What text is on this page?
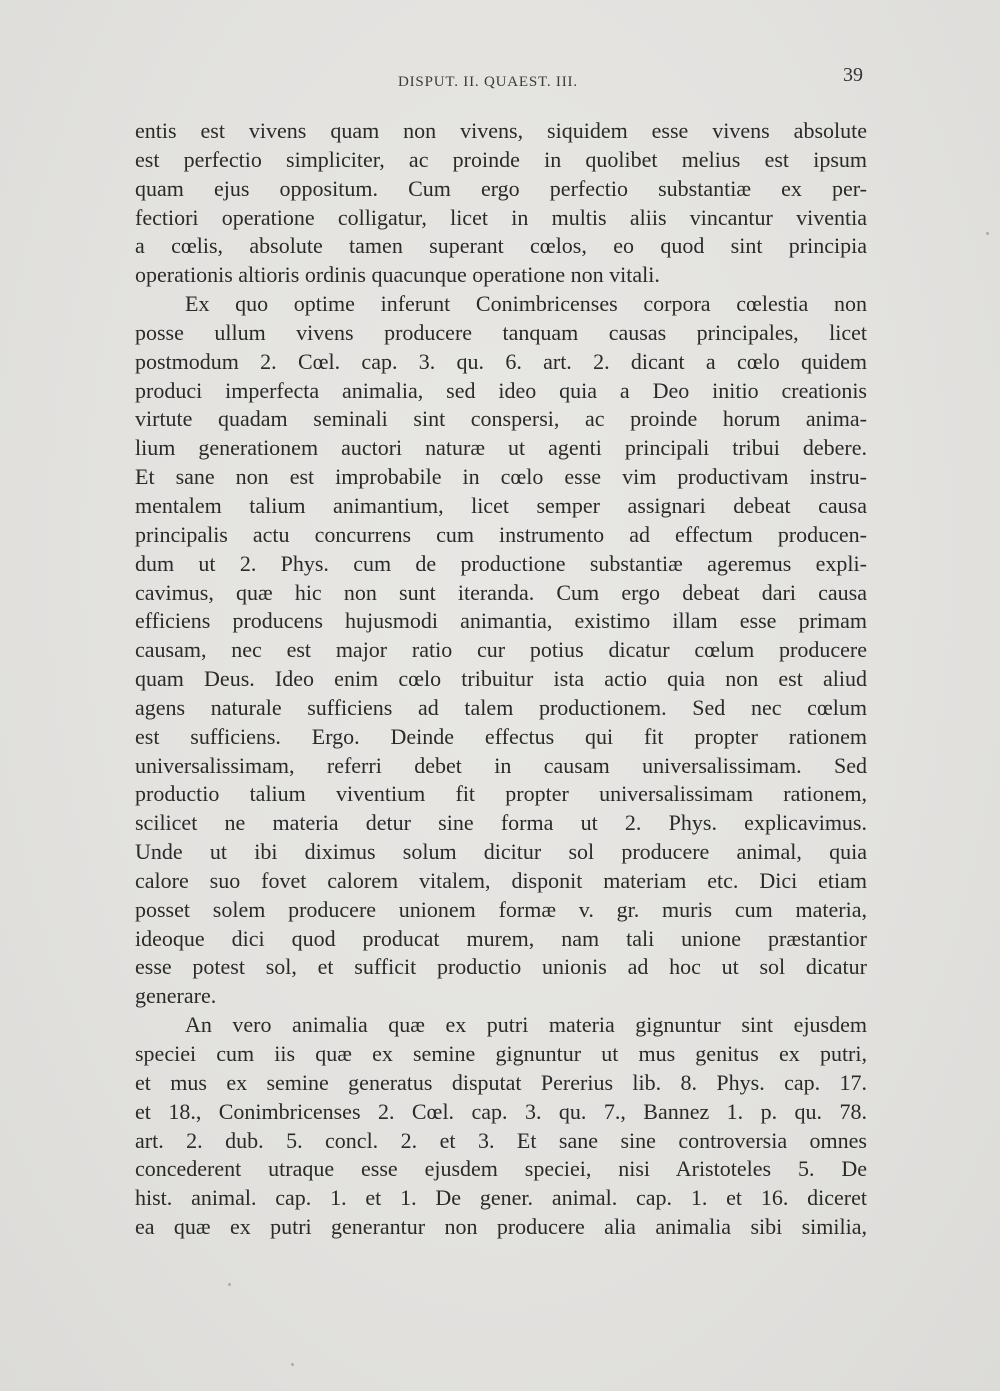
DISPUT. II. QUAEST. III.	39
entis est vivens quam non vivens, siquidem esse vivens absolute
est perfectio simpliciter, ac proinde in quolibet melius est ipsum
quam ejus oppositum. Cum ergo perfectio substantiæ ex per-
fectiori operatione colligatur, licet in multis aliis vincantur viventia
a cœlis, absolute tamen superant cœlos, eo quod sint principia
operationis altioris ordinis quacunque operatione non vitali.
Ex quo optime inferunt Conimbricenses corpora cœlestia non
posse ullum vivens producere tanquam causas principales, licet
postmodum 2. Cœl. cap. 3. qu. 6. art. 2. dicant a cœlo quidem
produci imperfecta animalia, sed ideo quia a Deo initio creationis
virtute quadam seminali sint conspersi, ac proinde horum anima-
lium generationem auctori naturæ ut agenti principali tribui debere.
Et sane non est improbabile in cœlo esse vim productivam instru-
mentalem talium animantium, licet semper assignari debeat causa
principalis actu concurrens cum instrumento ad effectum producen-
dum ut 2. Phys. cum de productione substantiæ ageremus expli-
cavimus, quæ hic non sunt iteranda. Cum ergo debeat dari causa
efficiens producens hujusmodi animantia, existimo illam esse primam
causam, nec est major ratio cur potius dicatur cœlum producere
quam Deus. Ideo enim cœlo tribuitur ista actio quia non est aliud
agens naturale sufficiens ad talem productionem. Sed nec cœlum
est sufficiens. Ergo. Deinde effectus qui fit propter rationem
universalissimam, referri debet in causam universalissimam. Sed
productio talium viventium fit propter universalissimam rationem,
scilicet ne materia detur sine forma ut 2. Phys. explicavimus.
Unde ut ibi diximus solum dicitur sol producere animal, quia
calore suo fovet calorem vitalem, disponit materiam etc. Dici etiam
posset solem producere unionem formæ v. gr. muris cum materia,
ideoque dici quod producat murem, nam tali unione præstantior
esse potest sol, et sufficit productio unionis ad hoc ut sol dicatur
generare.
An vero animalia quæ ex putri materia gignuntur sint ejusdem
speciei cum iis quæ ex semine gignuntur ut mus genitus ex putri,
et mus ex semine generatus disputat Pererius lib. 8. Phys. cap. 17.
et 18., Conimbricenses 2. Cœl. cap. 3. qu. 7., Bannez 1. p. qu. 78.
art. 2. dub. 5. concl. 2. et 3. Et sane sine controversia omnes
concederent utraque esse ejusdem speciei, nisi Aristoteles 5. De
hist. animal. cap. 1. et 1. De gener. animal. cap. 1. et 16. diceret
ea quæ ex putri generantur non producere alia animalia sibi similia,
